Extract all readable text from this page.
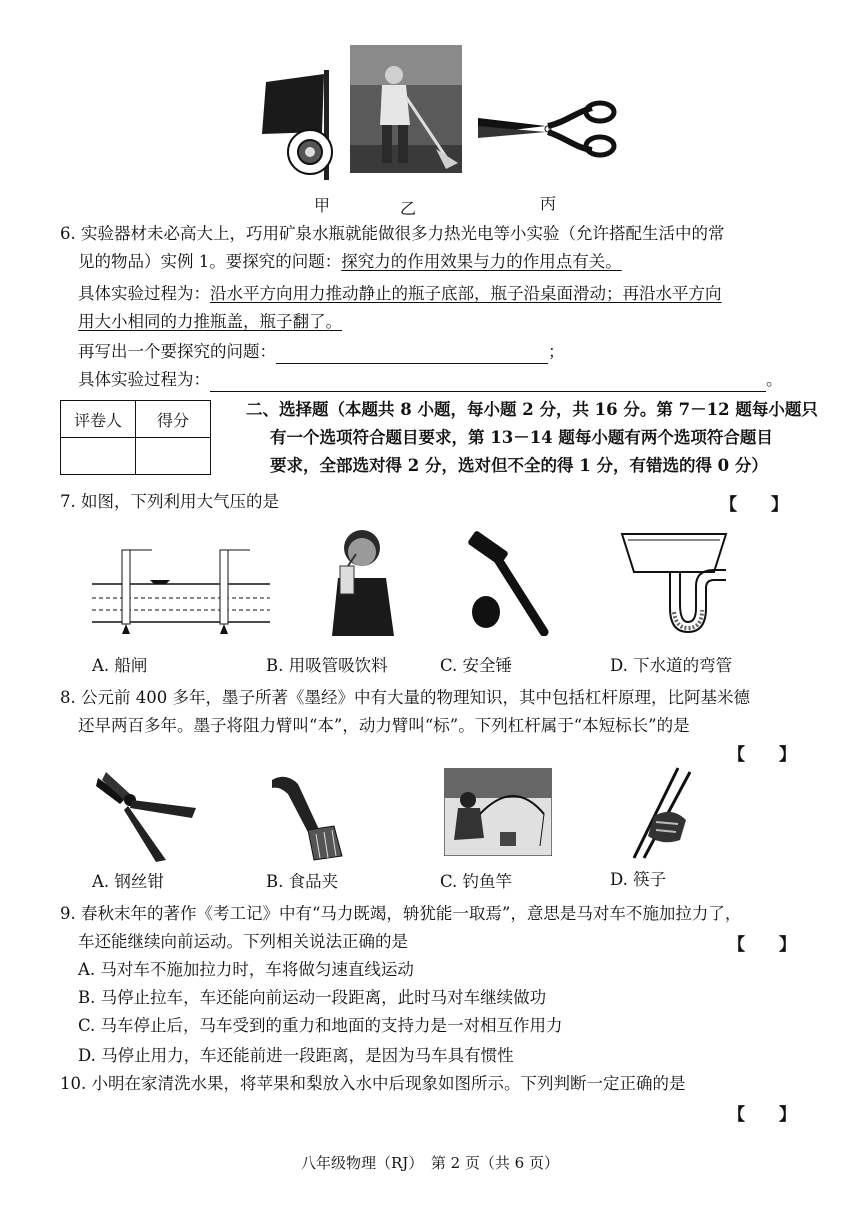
甲	乙	丙
6. 实验器材未必高大上，巧用矿泉水瓶就能做很多力热光电等小实验（允许搭配生活中的常
见的物品）实例 1。要探究的问题：探究力的作用效果与力的作用点有关。
具体实验过程为：沿水平方向用力推动静止的瓶子底部，瓶子沿桌面滑动；再沿水平方向
用大小相同的力推瓶盖，瓶子翻了。
再写出一个要探究的问题：	；
具体实验过程为：	。
评卷人	得分

二、选择题（本题共 8 小题，每小题 2 分，共 16 分。第 7－12 题每小题只
有一个选项符合题目要求，第 13－14 题每小题有两个选项符合题目
要求，全部选对得 2 分，选对但不全的得 1 分，有错选的得 0 分）
7. 如图，下列利用大气压的是	【　　】
A. 船闸	B. 用吸管吸饮料	C. 安全锤	D. 下水道的弯管
8. 公元前 400 多年，墨子所著《墨经》中有大量的物理知识，其中包括杠杆原理，比阿基米德
还早两百多年。墨子将阻力臂叫“本”，动力臂叫“标”。下列杠杆属于“本短标长”的是
【　　】
A. 钢丝钳	B. 食品夹	C. 钓鱼竿	D. 筷子
9. 春秋末年的著作《考工记》中有“马力既竭，辀犹能一取焉”，意思是马对车不施加拉力了，
车还能继续向前运动。下列相关说法正确的是	【　　】
A. 马对车不施加拉力时，车将做匀速直线运动
B. 马停止拉车，车还能向前运动一段距离，此时马对车继续做功
C. 马车停止后，马车受到的重力和地面的支持力是一对相互作用力
D. 马停止用力，车还能前进一段距离，是因为马车具有惯性
10. 小明在家清洗水果，将苹果和梨放入水中后现象如图所示。下列判断一定正确的是
【　　】
八年级物理（RJ）　第 2 页（共 6 页）
